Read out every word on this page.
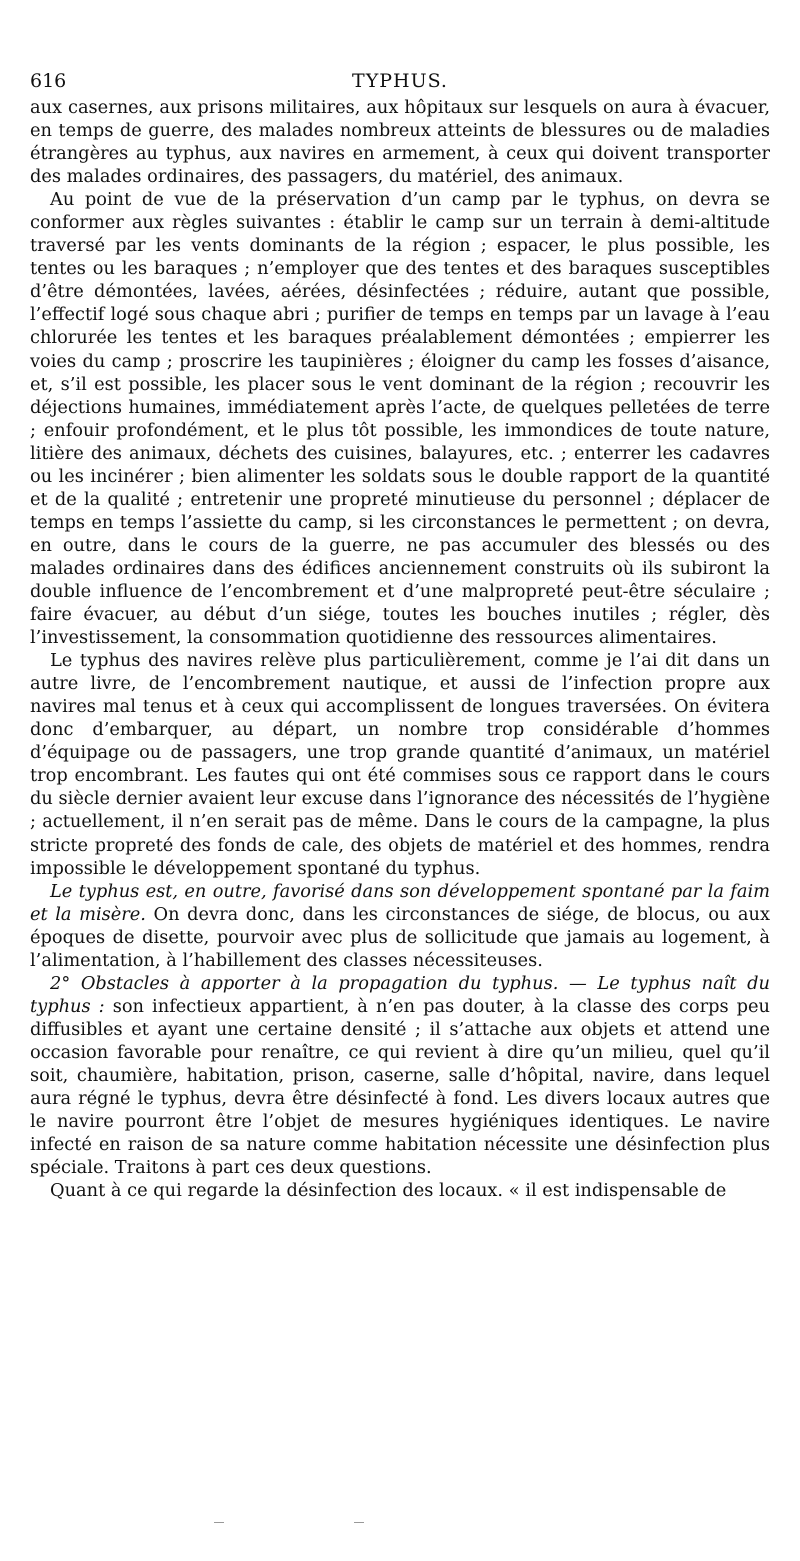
616	TYPHUS.

aux casernes, aux prisons militaires, aux hôpitaux sur lesquels on aura à évacuer, en temps de guerre, des malades nombreux atteints de blessures ou de maladies étrangères au typhus, aux navires en armement, à ceux qui doivent transporter des malades ordinaires, des passagers, du matériel, des animaux.

Au point de vue de la préservation d’un camp par le typhus, on devra se conformer aux règles suivantes : établir le camp sur un terrain à demi-altitude traversé par les vents dominants de la région ; espacer, le plus possible, les tentes ou les baraques ; n’employer que des tentes et des baraques susceptibles d’être démontées, lavées, aérées, désinfectées ; réduire, autant que possible, l’effectif logé sous chaque abri ; purifier de temps en temps par un lavage à l’eau chlorurée les tentes et les baraques préalablement démontées ; empierrer les voies du camp ; proscrire les taupinières ; éloigner du camp les fosses d’aisance, et, s’il est possible, les placer sous le vent dominant de la région ; recouvrir les déjections humaines, immédiatement après l’acte, de quelques pelletées de terre ; enfouir profondément, et le plus tôt possible, les immondices de toute nature, litière des animaux, déchets des cuisines, balayures, etc. ; enterrer les cadavres ou les incinérer ; bien alimenter les soldats sous le double rapport de la quantité et de la qualité ; entretenir une propreté minutieuse du personnel ; déplacer de temps en temps l’assiette du camp, si les circonstances le permettent ; on devra, en outre, dans le cours de la guerre, ne pas accumuler des blessés ou des malades ordinaires dans des édifices anciennement construits où ils subiront la double influence de l’encombrement et d’une malpropreté peut-être séculaire ; faire évacuer, au début d’un siége, toutes les bouches inutiles ; régler, dès l’investissement, la consommation quotidienne des ressources alimentaires.

Le typhus des navires relève plus particulièrement, comme je l’ai dit dans un autre livre, de l’encombrement nautique, et aussi de l’infection propre aux navires mal tenus et à ceux qui accomplissent de longues traversées. On évitera donc d’embarquer, au départ, un nombre trop considérable d’hommes d’équipage ou de passagers, une trop grande quantité d’animaux, un matériel trop encombrant. Les fautes qui ont été commises sous ce rapport dans le cours du siècle dernier avaient leur excuse dans l’ignorance des nécessités de l’hygiène ; actuellement, il n’en serait pas de même. Dans le cours de la campagne, la plus stricte propreté des fonds de cale, des objets de matériel et des hommes, rendra impossible le développement spontané du typhus.

Le typhus est, en outre, favorisé dans son développement spontané par la faim et la misère. On devra donc, dans les circonstances de siége, de blocus, ou aux époques de disette, pourvoir avec plus de sollicitude que jamais au logement, à l’alimentation, à l’habillement des classes nécessiteuses.

2° Obstacles à apporter à la propagation du typhus. — Le typhus naît du typhus : son infectieux appartient, à n’en pas douter, à la classe des corps peu diffusibles et ayant une certaine densité ; il s’attache aux objets et attend une occasion favorable pour renaître, ce qui revient à dire qu’un milieu, quel qu’il soit, chaumière, habitation, prison, caserne, salle d’hôpital, navire, dans lequel aura régné le typhus, devra être désinfecté à fond. Les divers locaux autres que le navire pourront être l’objet de mesures hygiéniques identiques. Le navire infecté en raison de sa nature comme habitation nécessite une désinfection plus spéciale. Traitons à part ces deux questions.

Quant à ce qui regarde la désinfection des locaux. « il est indispensable de
